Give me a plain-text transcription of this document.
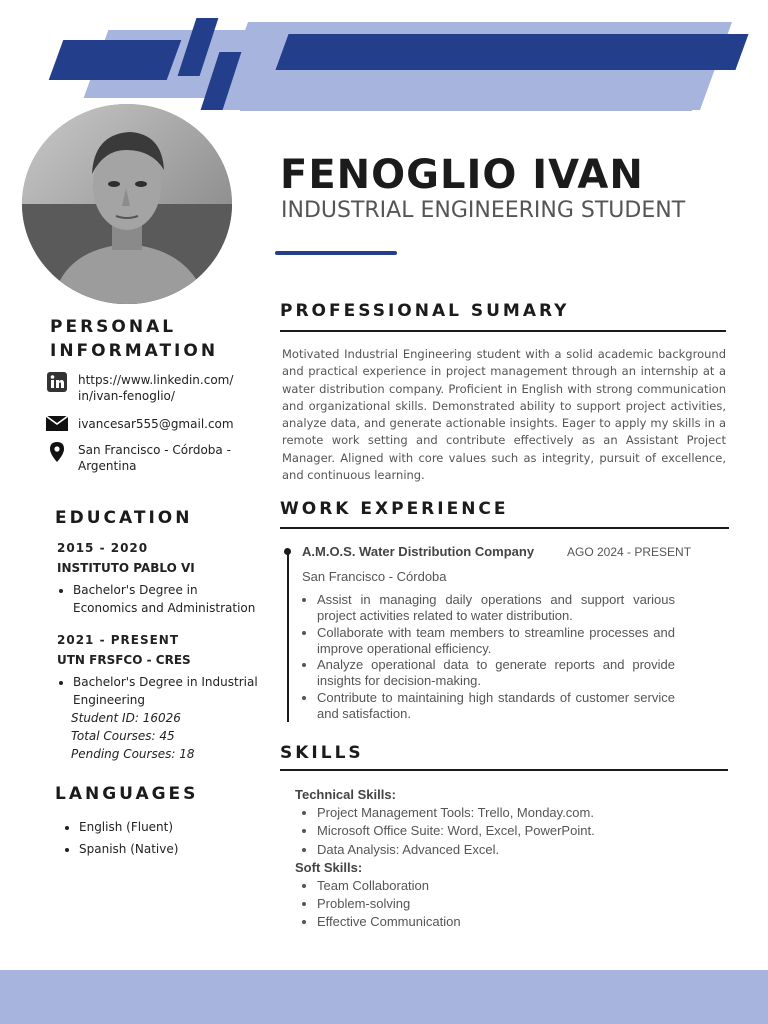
FENOGLIO IVAN
INDUSTRIAL ENGINEERING STUDENT
PERSONAL
INFORMATION
https://www.linkedin.com/
in/ivan-fenoglio/
ivancesar555@gmail.com
San Francisco - Córdoba -
Argentina
EDUCATION
2015 - 2020
INSTITUTO PABLO VI
• Bachelor's Degree in Economics and Administration
2021 - PRESENT
UTN FRSFCO - CRES
• Bachelor's Degree in Industrial Engineering
Student ID: 16026
Total Courses: 45
Pending Courses: 18
LANGUAGES
• English (Fluent)
• Spanish (Native)
PROFESSIONAL SUMARY
Motivated Industrial Engineering student with a solid academic background and practical experience in project management through an internship at a water distribution company. Proficient in English with strong communication and organizational skills. Demonstrated ability to support project activities, analyze data, and generate actionable insights. Eager to apply my skills in a remote work setting and contribute effectively as an Assistant Project Manager. Aligned with core values such as integrity, pursuit of excellence, and continuous learning.
WORK EXPERIENCE
A.M.O.S. Water Distribution Company	AGO 2024 - PRESENT
San Francisco - Córdoba
• Assist in managing daily operations and support various project activities related to water distribution.
• Collaborate with team members to streamline processes and improve operational efficiency.
• Analyze operational data to generate reports and provide insights for decision-making.
• Contribute to maintaining high standards of customer service and satisfaction.
SKILLS
Technical Skills:
• Project Management Tools: Trello, Monday.com.
• Microsoft Office Suite: Word, Excel, PowerPoint.
• Data Analysis: Advanced Excel.
Soft Skills:
• Team Collaboration
• Problem-solving
• Effective Communication
